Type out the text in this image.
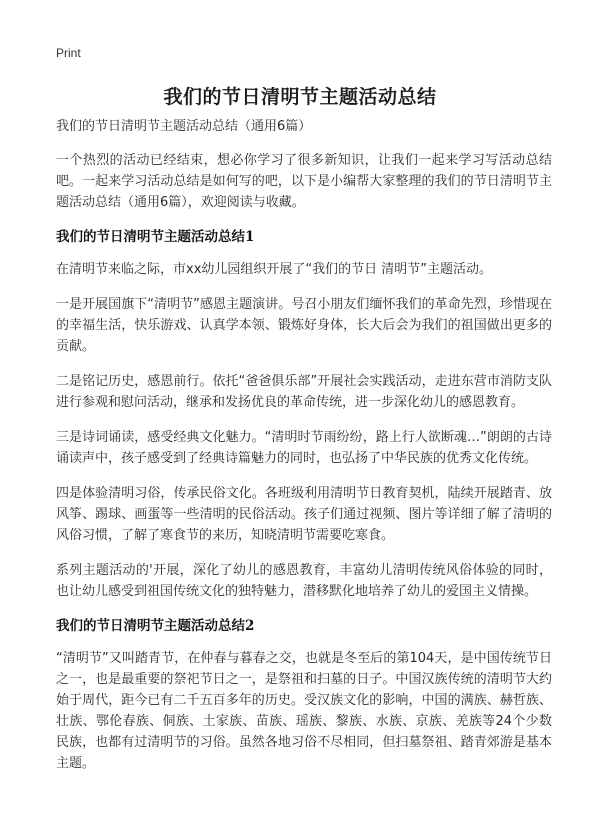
Print
我们的节日清明节主题活动总结

我们的节日清明节主题活动总结（通用6篇）

一个热烈的活动已经结束，想必你学习了很多新知识，让我们一起来学习写活动总结吧。一起来学习活动总结是如何写的吧，以下是小编帮大家整理的我们的节日清明节主题活动总结（通用6篇），欢迎阅读与收藏。

我们的节日清明节主题活动总结1

在清明节来临之际，市xx幼儿园组织开展了“我们的节日 清明节”主题活动。

一是开展国旗下“清明节”感恩主题演讲。号召小朋友们缅怀我们的革命先烈，珍惜现在的幸福生活，快乐游戏、认真学本领、锻炼好身体，长大后会为我们的祖国做出更多的贡献。

二是铭记历史，感恩前行。依托“爸爸俱乐部”开展社会实践活动，走进东营市消防支队进行参观和慰问活动，继承和发扬优良的革命传统，进一步深化幼儿的感恩教育。

三是诗词诵读，感受经典文化魅力。“清明时节雨纷纷，路上行人欲断魂…”朗朗的古诗诵读声中，孩子感受到了经典诗篇魅力的同时，也弘扬了中华民族的优秀文化传统。

四是体验清明习俗，传承民俗文化。各班级利用清明节日教育契机，陆续开展踏青、放风筝、踢球、画蛋等一些清明的民俗活动。孩子们通过视频、图片等详细了解了清明的风俗习惯，了解了寒食节的来历，知晓清明节需要吃寒食。

系列主题活动的'开展，深化了幼儿的感恩教育，丰富幼儿清明传统风俗体验的同时，也让幼儿感受到祖国传统文化的独特魅力，潜移默化地培养了幼儿的爱国主义情操。

我们的节日清明节主题活动总结2

“清明节”又叫踏青节，在仲春与暮春之交，也就是冬至后的第104天，是中国传统节日之一，也是最重要的祭祀节日之一，是祭祖和扫墓的日子。中国汉族传统的清明节大约始于周代，距今已有二千五百多年的历史。受汉族文化的影响，中国的满族、赫哲族、壮族、鄂伦春族、侗族、土家族、苗族、瑶族、黎族、水族、京族、羌族等24个少数民族，也都有过清明节的习俗。虽然各地习俗不尽相同，但扫墓祭祖、踏青郊游是基本主题。
